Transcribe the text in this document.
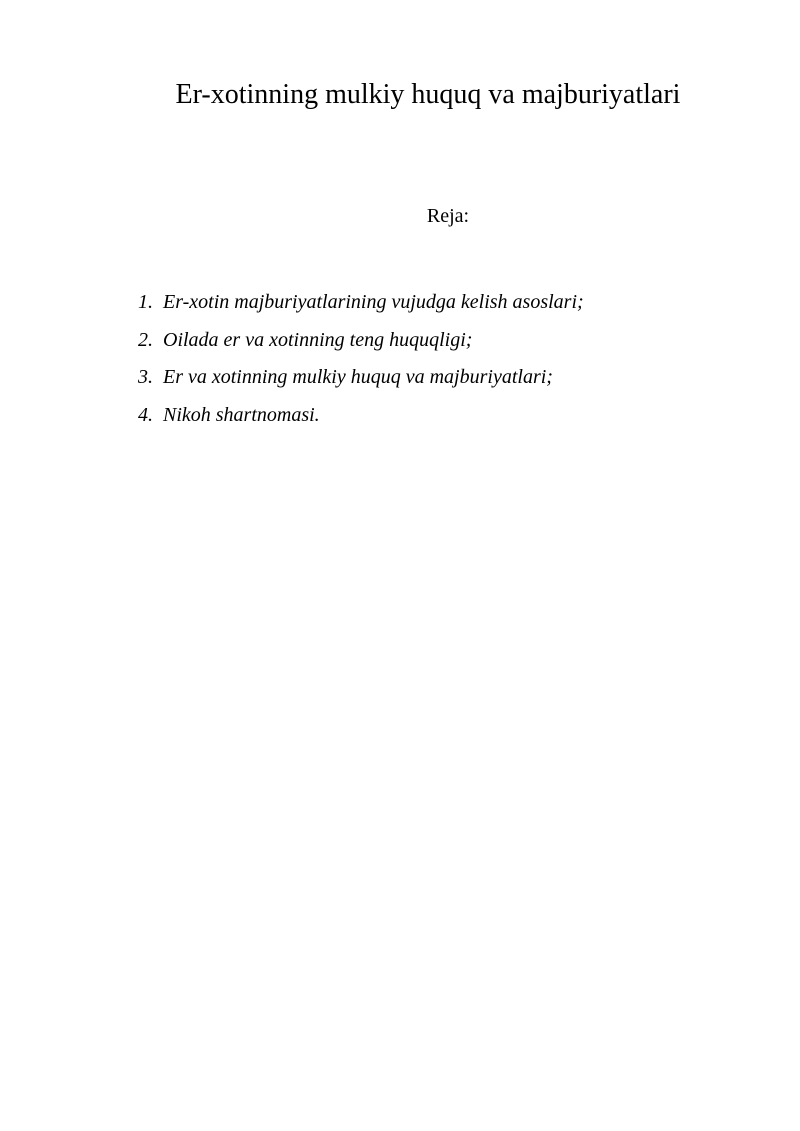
Er-xotinning mulkiy huquq va majburiyatlari
Reja:
1. Er-xotin majburiyatlarining vujudga kelish asoslari;
2. Oilada er va xotinning teng huquqligi;
3. Er va xotinning mulkiy huquq va majburiyatlari;
4. Nikoh shartnomasi.
